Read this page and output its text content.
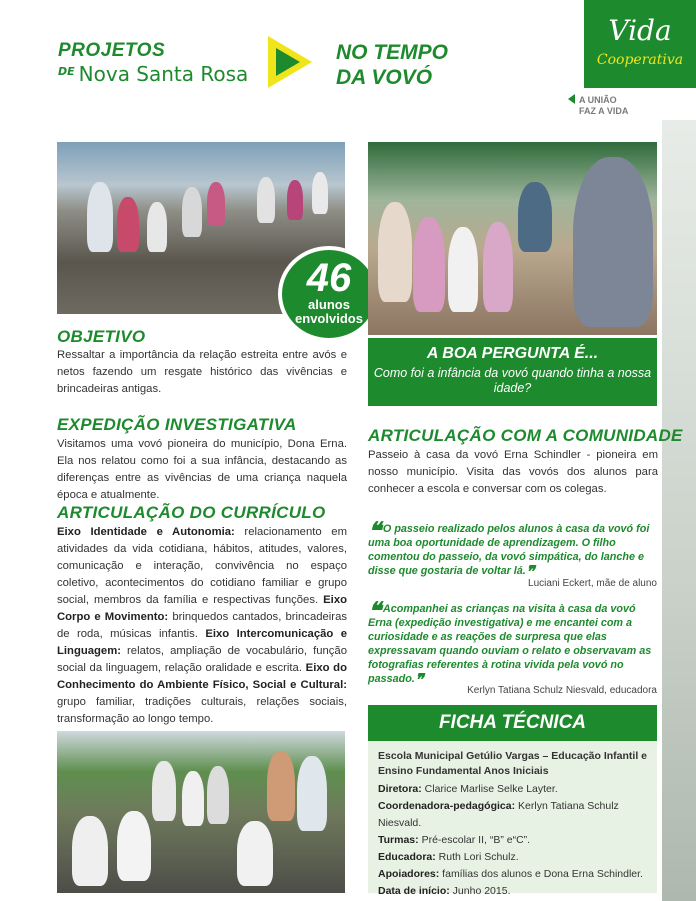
PROJETOS
$^{DE}$ Nova Santa Rosa
NO TEMPO
DA VOVÓ
Vida
Cooperativa
A UNIÃO
FAZ A VIDA
46
alunos
envolvidos
OBJETIVO
Ressaltar a importância da relação estreita entre avós e netos fazendo um resgate histórico das vivências e brincadeiras antigas.
EXPEDIÇÃO INVESTIGATIVA
Visitamos uma vovó pioneira do município, Dona Erna. Ela nos relatou como foi a sua infância, destacando as diferenças entre as vivências de uma criança naquela época e atualmente.
ARTICULAÇÃO DO CURRÍCULO
Eixo Identidade e Autonomia: relacionamento em atividades da vida cotidiana, hábitos, atitudes, valores, comunicação e interação, convivência no espaço coletivo, acontecimentos do cotidiano familiar e grupo social, membros da família e respectivas funções. Eixo Corpo e Movimento: brinquedos cantados, brincadeiras de roda, músicas infantis. Eixo Intercomunicação e Linguagem: relatos, ampliação de vocabulário, função social da linguagem, relação oralidade e escrita. Eixo do Conhecimento do Ambiente Físico, Social e Cultural: grupo familiar, tradições culturais, relações sociais, transformação ao longo tempo.
A BOA PERGUNTA É...
Como foi a infância da vovó quando tinha a nossa idade?
ARTICULAÇÃO COM A COMUNIDADE
Passeio à casa da vovó Erna Schindler - pioneira em nosso município. Visita das vovós dos alunos para conhecer a escola e conversar com os colegas.
❝ O passeio realizado pelos alunos à casa da vovó foi uma boa oportunidade de aprendizagem. O filho comentou do passeio, da vovó simpática, do lanche e disse que gostaria de voltar lá.❞
Luciani Eckert, mãe de aluno
❝ Acompanhei as crianças na visita à casa da vovó Erna (expedição investigativa) e me encantei com a curiosidade e as reações de surpresa que elas expressavam quando ouviam o relato e observavam as fotografias referentes à rotina vivida pela vovó no passado.❞
Kerlyn Tatiana Schulz Niesvald, educadora
FICHA TÉCNICA
Escola Municipal Getúlio Vargas – Educação Infantil e Ensino Fundamental Anos Iniciais
Diretora: Clarice Marlise Selke Layter.
Coordenadora-pedagógica: Kerlyn Tatiana Schulz Niesvald.
Turmas: Pré-escolar II, “B” e“C”.
Educadora: Ruth Lori Schulz.
Apoiadores: famílias dos alunos e Dona Erna Schindler.
Data de início: Junho 2015.
